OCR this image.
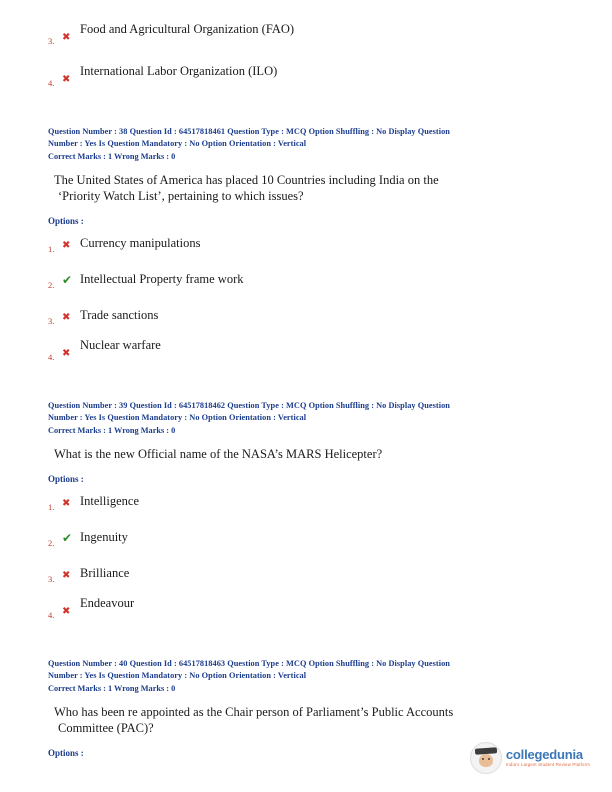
3. ✖
Food and Agricultural Organization (FAO)
4. ✖
International Labor Organization (ILO)
Question Number : 38 Question Id : 64517818461 Question Type : MCQ Option Shuffling : No Display Question
Number : Yes Is Question Mandatory : No Option Orientation : Vertical
Correct Marks : 1 Wrong Marks : 0
The United States of America has placed 10 Countries including India on the
‘Priority Watch List’, pertaining to which issues?
Options :
1. ✖ Currency manipulations
2. ✔ Intellectual Property frame work
3. ✖ Trade sanctions
4. ✖
Nuclear warfare
Question Number : 39 Question Id : 64517818462 Question Type : MCQ Option Shuffling : No Display Question
Number : Yes Is Question Mandatory : No Option Orientation : Vertical
Correct Marks : 1 Wrong Marks : 0
What is the new Official name of the NASA’s MARS Helicepter?
Options :
1. ✖ Intelligence
2. ✔ Ingenuity
3. ✖ Brilliance
4. ✖
Endeavour
Question Number : 40 Question Id : 64517818463 Question Type : MCQ Option Shuffling : No Display Question
Number : Yes Is Question Mandatory : No Option Orientation : Vertical
Correct Marks : 1 Wrong Marks : 0
Who has been re appointed as the Chair person of Parliament’s Public Accounts
Committee (PAC)?
Options :	collegedunia
India's Largest Student Review Platform
